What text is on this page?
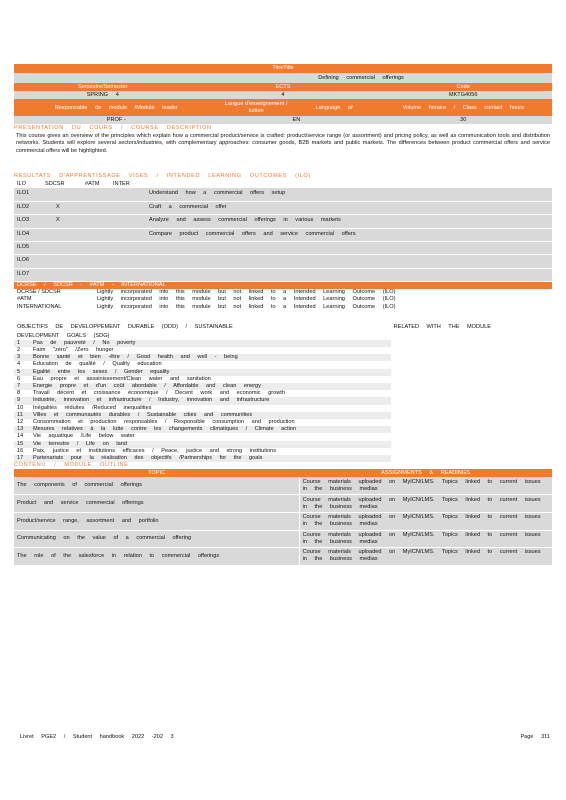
TitreTitle
Defining commercial offerings
Semestre/Semester	ECTS	Code
SPRING 4	4	MKTG4056
Responsable de module /Module leader
Langue d'enseignement / tuition	Language of	Volume horaire / Class contact hours
PROF -	EN	30
PRESENTATION DU COURS / COURSE DESCRIPTION
This course gives an overview of the principles which explain how a commercial product/service is crafted: product/service range (or assortment) and pricing policy, as well as communication tools and distribution networks. Students will explore several sectors/industries, with complementary approaches: consumer goods, B2B markets and public markets. The differences between product commercial offers and service commercial offers will be highlighted.
RESULTATS D'APPRENTISSAGE VISES / INTENDED LEARNING OUTCOMES (ILO)
ILO	SDCSR	#ATM	INTER
ILO1		Understand how a commercial offers setup
ILO2	X	Craft a commercial offer
ILO3	X	Analyze and assess commercial offerings in various markets
ILO4		Compare product commercial offers and service commercial offers
ILO5		
ILO6		
ILO7		
DCRSE / SDCSR - #ATM - INTERNATIONAL
DCRSE / SDCSR	Lightly incorporated into this module but not linked to a Intended Learning Outcome (ILO)
#ATM	Lightly incorporated into this module but not linked to a Intended Learning Outcome (ILO)
INTERNATIONAL	Lightly incorporated into this module but not linked to a Intended Learning Outcome (ILO)
OBJECTIFS DE DEVELOPPEMENT DURABLE (ODD) / SUSTAINABLE	RELATED WITH THE MODULE
DEVELOPMENT GOALS (SDG)
1	Pas de pauvreté / No poverty
2	Faim "zéro" /Zero hunger
3	Bonne santé et bien -être / Good health and well - being
4	Education de qualité / Quality education
5	Egalité entre les sexes / Gender equality
6	Eau propre et assainissement/Clean water and sanitation
7	Energie propre et d'un coût abordable / Affordable and clean energy
8	Travail décent et croissance économique / Decent work and economic growth
9	Industrie, innovation et infrastructure / Industry, innovation and infrastructure
10	Inégalités réduites /Reduced inequalities
11	Villes et communautés durables / Sustainable cities and communities
12	Consommation et production responsables / Responsible consumption and production
13	Mesures relatives à la lutte contre les changements climatiques / Climate action
14	Vie aquatique /Life below water
15	Vie terrestre / Life on land
16	Paix, justice et institutions efficaces / Peace, justice and strong institutions
17	Partenariats pour la réalisation des objectifs /Partnerships for the goals
CONTENU / MODULE OUTLINE
TOPIC	ASSIGNMENTS & READINGS
The components of commercial offerings	Course materials uploaded on MyICN/LMS. Topics linked to current issues in the business medias
Product and service commercial offerings	Course materials uploaded on MyICN/LMS. Topics linked to current issues in the business medias
Product/service range, assortment and portfolio	Course materials uploaded on MyICN/LMS. Topics linked to current issues in the business medias
Communicating on the value of a commercial offering	Course materials uploaded on MyICN/LMS. Topics linked to current issues in the business medias
The role of the salesforce in relation to commercial offerings	Course materials uploaded on MyICN/LMS. Topics linked to current issues in the business medias
Livret PGE2 / Student handbook 2022 -202 3	Page 311
